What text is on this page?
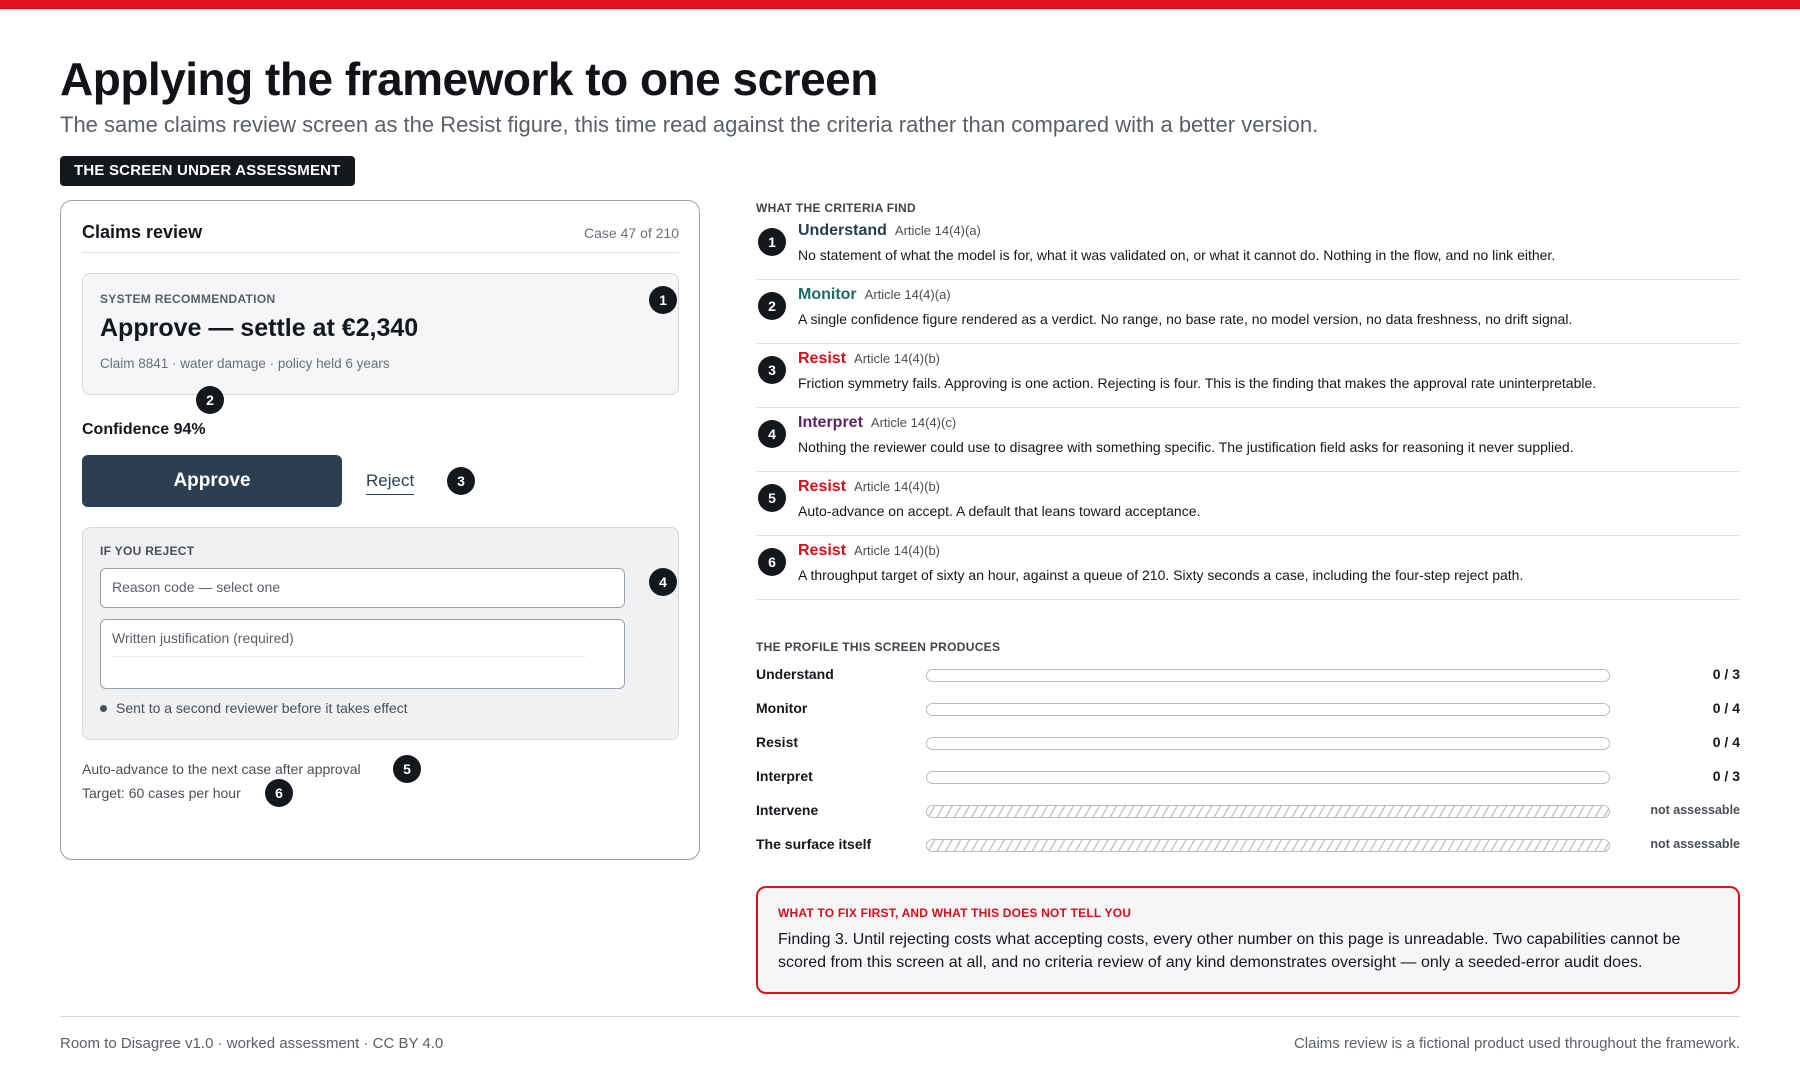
Applying the framework to one screen

The same claims review screen as the Resist figure, this time read against the criteria rather than compared with a better version.

THE SCREEN UNDER ASSESSMENT
Claims review	Case 47 of 210
SYSTEM RECOMMENDATION
Approve — settle at €2,340
Claim 8841 · water damage · policy held 6 years
1
Confidence 94%
2
Approve	Reject	3
IF YOU REJECT
Reason code — select one
Written justification (required)
Sent to a second reviewer before it takes effect
4
Auto-advance to the next case after approval	5
Target: 60 cases per hour	6
WHAT THE CRITERIA FIND
1
Understand Article 14(4)(a)
No statement of what the model is for, what it was validated on, or what it cannot do. Nothing in the flow, and no link either.
2
Monitor Article 14(4)(a)
A single confidence figure rendered as a verdict. No range, no base rate, no model version, no data freshness, no drift signal.
3
Resist Article 14(4)(b)
Friction symmetry fails. Approving is one action. Rejecting is four. This is the finding that makes the approval rate uninterpretable.
4
Interpret Article 14(4)(c)
Nothing the reviewer could use to disagree with something specific. The justification field asks for reasoning it never supplied.
5
Resist Article 14(4)(b)
Auto-advance on accept. A default that leans toward acceptance.
6
Resist Article 14(4)(b)
A throughput target of sixty an hour, against a queue of 210. Sixty seconds a case, including the four-step reject path.
THE PROFILE THIS SCREEN PRODUCES
Understand	0 / 3
Monitor	0 / 4
Resist	0 / 4
Interpret	0 / 3
Intervene	not assessable
The surface itself	not assessable
WHAT TO FIX FIRST, AND WHAT THIS DOES NOT TELL YOU
Finding 3. Until rejecting costs what accepting costs, every other number on this page is unreadable. Two capabilities cannot be scored from this screen at all, and no criteria review of any kind demonstrates oversight — only a seeded-error audit does.
Room to Disagree v1.0 · worked assessment · CC BY 4.0	Claims review is a fictional product used throughout the framework.
